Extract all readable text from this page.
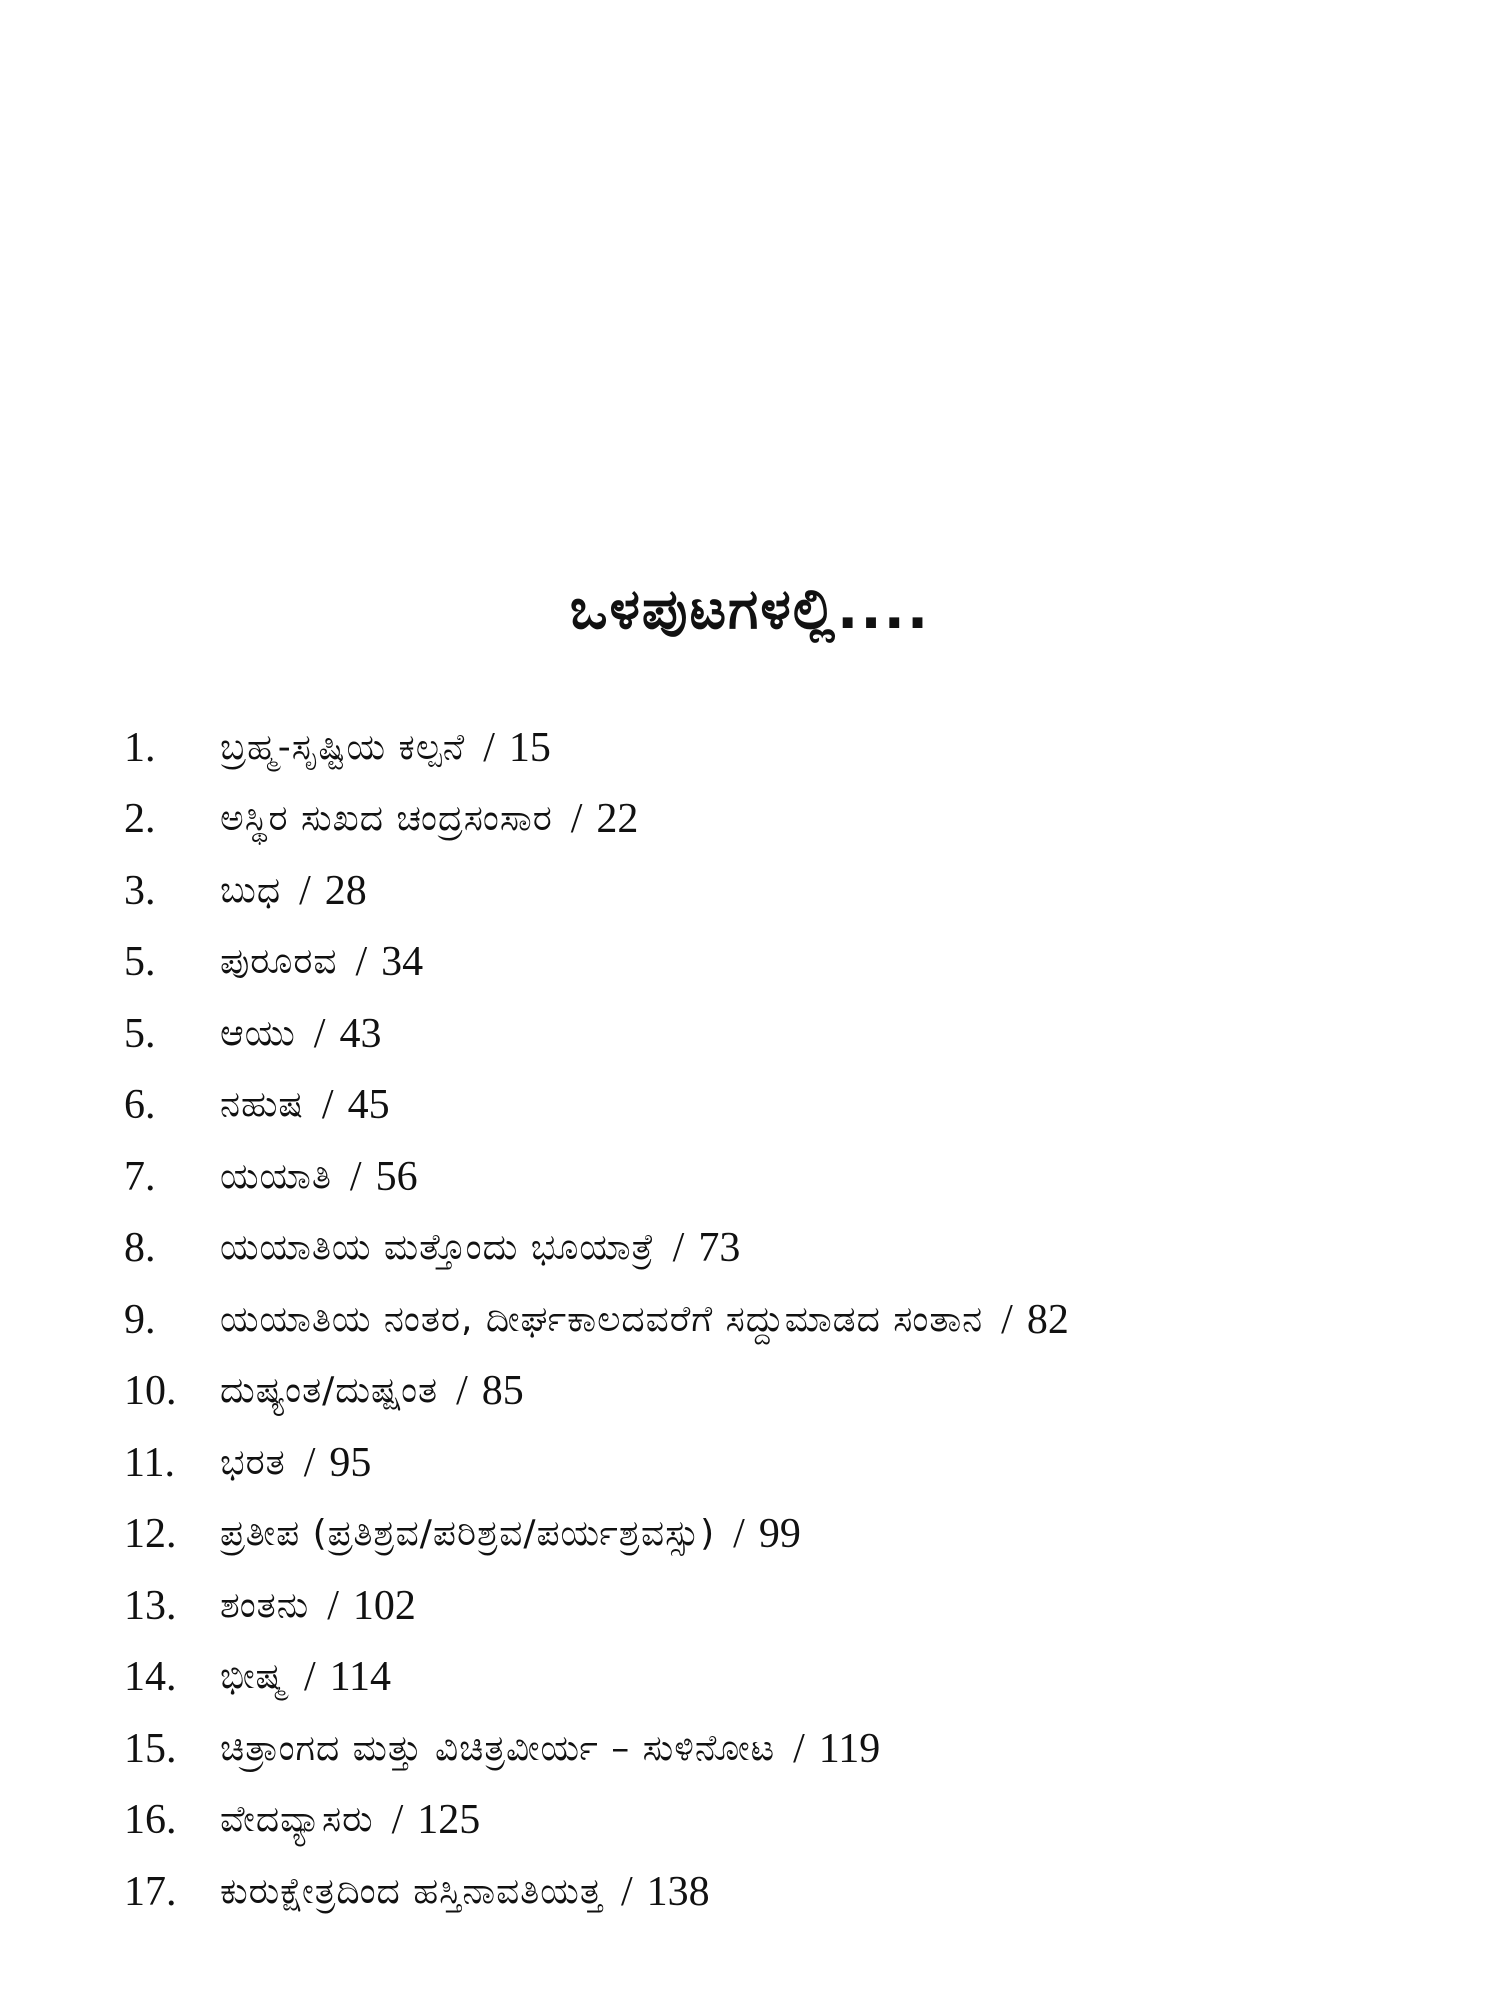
ಒಳಪುಟಗಳಲ್ಲಿ....
1.	ಬ್ರಹ್ಮ-ಸೃಷ್ಟಿಯ ಕಲ್ಪನೆ / 15
2.	ಅಸ್ಥಿರ ಸುಖದ ಚಂದ್ರಸಂಸಾರ / 22
3.	ಬುಧ / 28
5.	ಪುರೂರವ / 34
5.	ಆಯು / 43
6.	ನಹುಷ / 45
7.	ಯಯಾತಿ / 56
8.	ಯಯಾತಿಯ ಮತ್ತೊಂದು ಭೂಯಾತ್ರೆ / 73
9.	ಯಯಾತಿಯ ನಂತರ, ದೀರ್ಘಕಾಲದವರೆಗೆ ಸದ್ದುಮಾಡದ ಸಂತಾನ / 82
10.	ದುಷ್ಯಂತ/ದುಷ್ಷಂತ / 85
11.	ಭರತ / 95
12.	ಪ್ರತೀಪ (ಪ್ರತಿಶ್ರವ/ಪರಿಶ್ರವ/ಪರ್ಯಶ್ರವಸ್ಸು) / 99
13.	ಶಂತನು / 102
14.	ಭೀಷ್ಮ / 114
15.	ಚಿತ್ರಾಂಗದ ಮತ್ತು ವಿಚಿತ್ರವೀರ್ಯ – ಸುಳಿನೋಟ / 119
16.	ವೇದವ್ಯಾಸರು / 125
17.	ಕುರುಕ್ಷೇತ್ರದಿಂದ ಹಸ್ತಿನಾವತಿಯತ್ತ / 138
